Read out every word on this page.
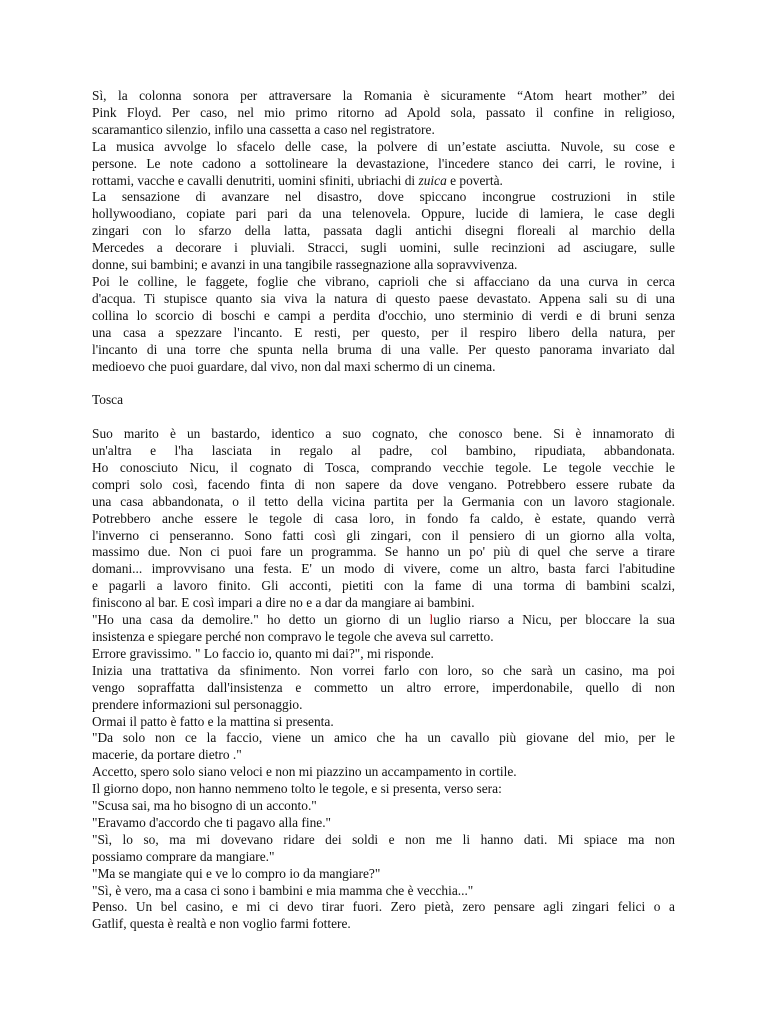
Sì, la colonna sonora per attraversare la Romania è sicuramente “Atom heart mother” dei
Pink Floyd. Per caso, nel mio primo ritorno ad Apold sola, passato il confine in religioso,
scaramantico silenzio, infilo una cassetta a caso nel registratore.
La musica avvolge lo sfacelo delle case, la polvere di un’estate asciutta. Nuvole, su cose e
persone. Le note cadono a sottolineare la devastazione, l'incedere stanco dei carri, le rovine, i
rottami, vacche e cavalli denutriti, uomini sfiniti, ubriachi di zuica e povertà.
La sensazione di avanzare nel disastro, dove spiccano incongrue costruzioni in stile
hollywoodiano, copiate pari pari da una telenovela. Oppure, lucide di lamiera, le case degli
zingari con lo sfarzo della latta, passata dagli antichi disegni floreali al marchio della
Mercedes a decorare i pluviali. Stracci, sugli uomini, sulle recinzioni ad asciugare, sulle
donne, sui bambini; e avanzi in una tangibile rassegnazione alla sopravvivenza.
Poi le colline, le faggete, foglie che vibrano, caprioli che si affacciano da una curva in cerca
d'acqua. Ti stupisce quanto sia viva la natura di questo paese devastato. Appena sali su di una
collina lo scorcio di boschi e campi a perdita d'occhio, uno sterminio di verdi e di bruni senza
una casa a spezzare l'incanto. E resti, per questo, per il respiro libero della natura, per
l'incanto di una torre che spunta nella bruma di una valle. Per questo panorama invariato dal
medioevo che puoi guardare, dal vivo, non dal maxi schermo di un cinema.
Tosca
Suo marito è un bastardo, identico a suo cognato, che conosco bene. Si è innamorato di
un'altra e l'ha lasciata in regalo al padre, col bambino, ripudiata, abbandonata.
Ho conosciuto Nicu, il cognato di Tosca, comprando vecchie tegole. Le tegole vecchie le
compri solo così, facendo finta di non sapere da dove vengano. Potrebbero essere rubate da
una casa abbandonata, o il tetto della vicina partita per la Germania con un lavoro stagionale.
Potrebbero anche essere le tegole di casa loro, in fondo fa caldo, è estate, quando verrà
l'inverno ci penseranno. Sono fatti così gli zingari, con il pensiero di un giorno alla volta,
massimo due. Non ci puoi fare un programma. Se hanno un po' più di quel che serve a tirare
domani... improvvisano una festa. E' un modo di vivere, come un altro, basta farci l'abitudine
e pagarli a lavoro finito. Gli acconti, pietiti con la fame di una torma di bambini scalzi,
finiscono al bar. E così impari a dire no e a dar da mangiare ai bambini.
"Ho una casa da demolire." ho detto un giorno di un luglio riarso a Nicu, per bloccare la sua
insistenza e spiegare perché non compravo le tegole che aveva sul carretto.
Errore gravissimo. " Lo faccio io, quanto mi dai?", mi risponde.
Inizia una trattativa da sfinimento. Non vorrei farlo con loro, so che sarà un casino, ma poi
vengo sopraffatta dall'insistenza e commetto un altro errore, imperdonabile, quello di non
prendere informazioni sul personaggio.
Ormai il patto è fatto e la mattina si presenta.
"Da solo non ce la faccio, viene un amico che ha un cavallo più giovane del mio, per le
macerie, da portare dietro ."
Accetto, spero solo siano veloci e non mi piazzino un accampamento in cortile.
Il giorno dopo, non hanno nemmeno tolto le tegole, e si presenta, verso sera:
"Scusa sai, ma ho bisogno di un acconto."
"Eravamo d'accordo che ti pagavo alla fine."
"Sì, lo so, ma mi dovevano ridare dei soldi e non me li hanno dati. Mi spiace ma non
possiamo comprare da mangiare."
"Ma se mangiate qui e ve lo compro io da mangiare?"
"Sì, è vero, ma a casa ci sono i bambini e mia mamma che è vecchia..."
Penso. Un bel casino, e mi ci devo tirar fuori. Zero pietà, zero pensare agli zingari felici o a
Gatlif, questa è realtà e non voglio farmi fottere.
